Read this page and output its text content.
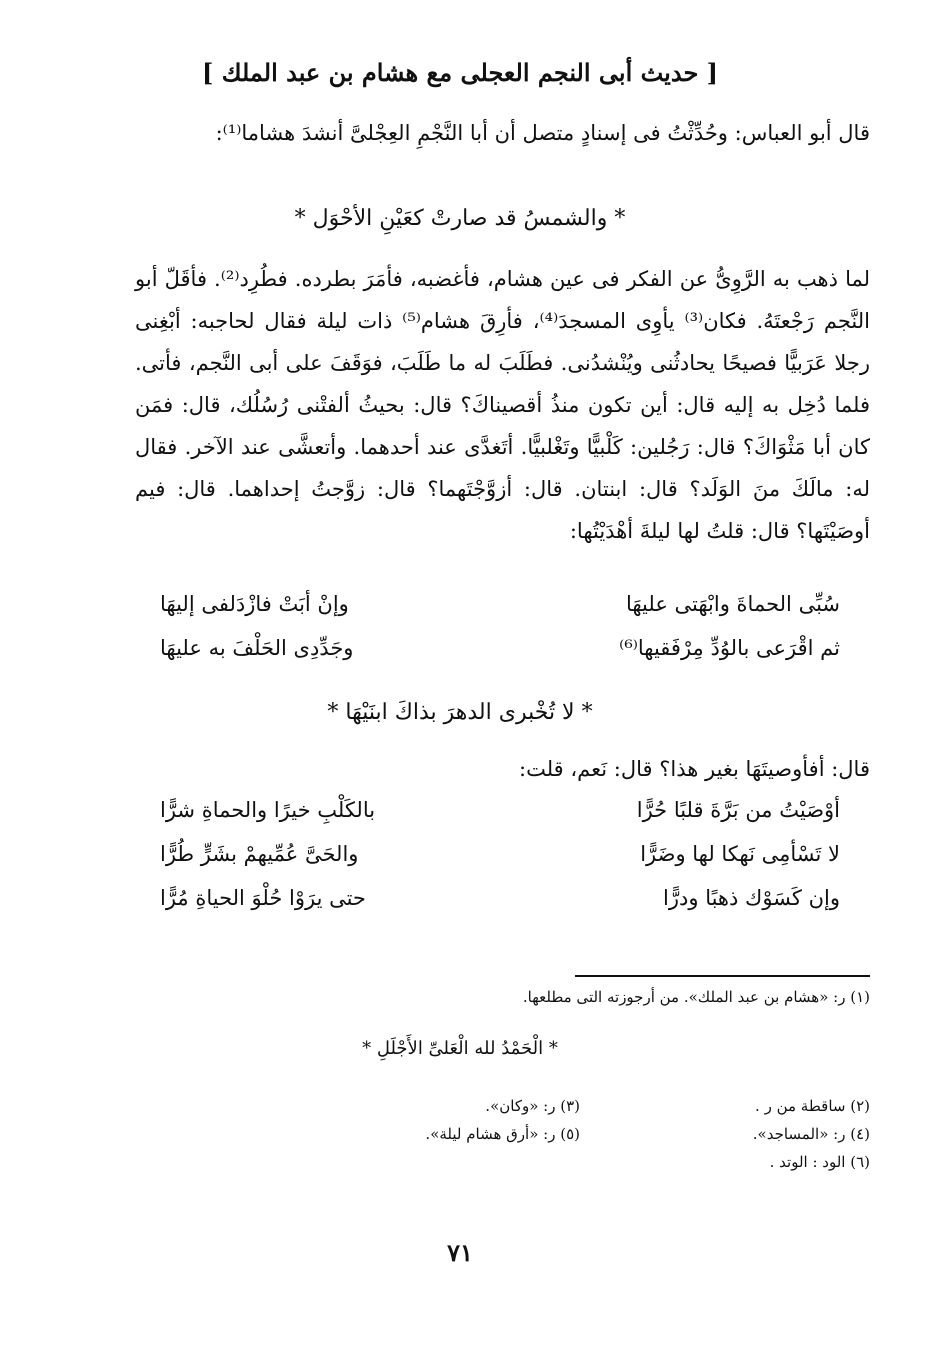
[ حديث أبى النجم العجلى مع هشام بن عبد الملك ]
قال أبو العباس: وحُدِّثْتُ فى إسنادٍ متصل أن أبا النَّجْمِ العِجْلىَّ أنشدَ هشاما⁽¹⁾:
* والشمسُ قد صارتْ كعَيْنِ الأحْوَل *
لما ذهب به الرَّوِىُّ عن الفكر فى عين هشام، فأغضبه، فأمَرَ بطرده. فطُرِد⁽²⁾. فأقَلّ أبو النَّجم رَجْعتَهُ. فكان⁽³⁾ يأوِى المسجدَ⁽⁴⁾، فأرِقَ هشام⁽⁵⁾ ذات ليلة فقال لحاجبه: أبْغِنى رجلا عَرَبيًّا فصيحًا يحادثُنى ويُنْشدُنى. فطَلَبَ له ما طَلَبَ، فوَقَفَ على أبى النَّجم، فأتى. فلما دُخِل به إليه قال: أين تكون منذُ أقصيناكَ؟ قال: بحيثُ ألفتْنى رُسُلُك، قال: فمَن كان أبا مَثْوَاكَ؟ قال: رَجُلين: كَلْبيًّا وتَغْلبيًّا. أتَغدَّى عند أحدهما. وأتعشَّى عند الآخر. فقال له: مالَكَ منَ الوَلَد؟ قال: ابنتان. قال: أزوَّجْتَهما؟ قال: زوَّجتُ إحداهما. قال: فيم أوصَيْتَها؟ قال: قلتُ لها ليلةَ أهْدَيْتُها:
سُبِّى الحماةَ وابْهَتى عليهَا
وإنْ أبَتْ فازْدَلفى إليهَا
ثم اقْرَعى بالوُدِّ مِرْفَقيها⁽⁶⁾
وجَدِّدِى الحَلْفَ به عليهَا
* لا تُخْبرى الدهرَ بذاكَ ابنَيْهَا *
قال: أفأوصيتَهَا بغير هذا؟ قال: نَعم، قلت:
أوْصَيْتُ من بَرَّةَ قلبًا حُرًّا
بالكَلْبِ خيرًا والحماةِ شرًّا
لا تَسْأمِى نَهكا لها وضَرًّا
والحَىَّ عُمِّيهمْ بشَرٍّ طُرًّا
وإن كَسَوْك ذهبًا ودرًّا
حتى يرَوْا حُلْوَ الحياةِ مُرًّا
(١) ر: «هشام بن عبد الملك». من أرجوزته التى مطلعها.
* الْحَمْدُ لله الْعَلىِّ الأَجْلَلِ *
(٢) ساقطة من ر .
(٣) ر: «وكان».
(٤) ر: «المساجد».
(٥) ر: «أرق هشام ليلة».
(٦) الود : الوتد .
٧١
